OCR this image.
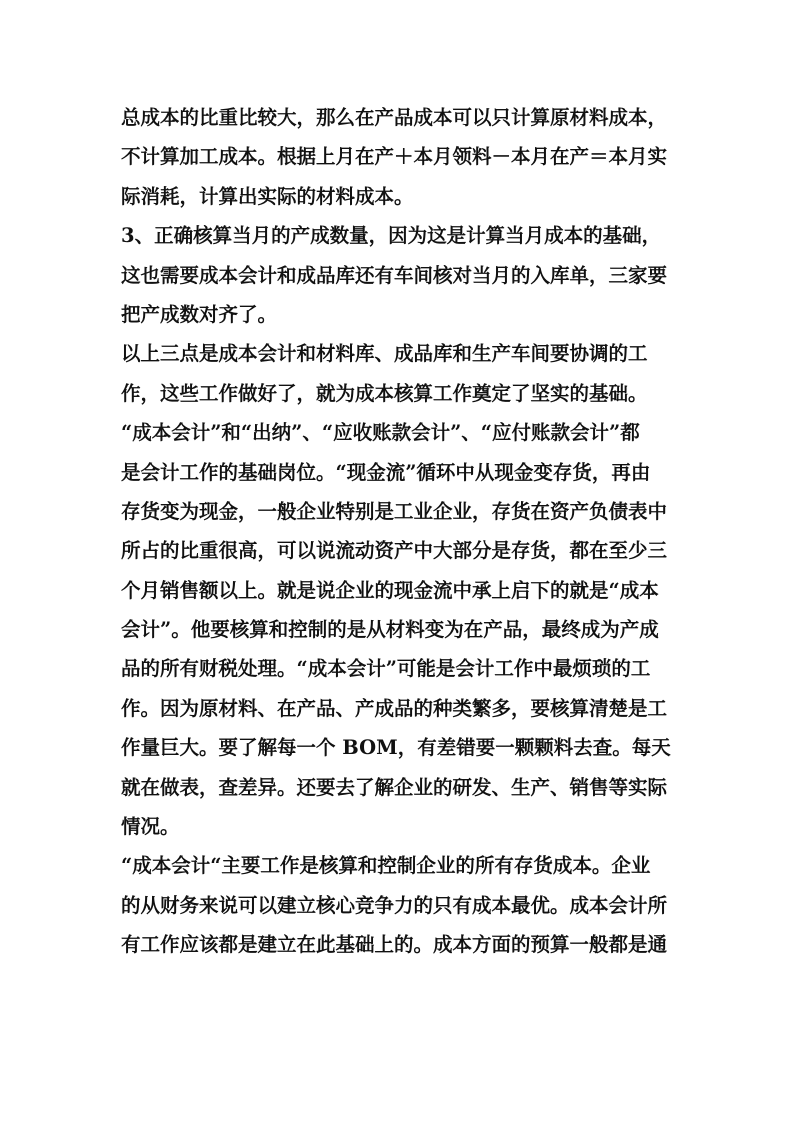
总成本的比重比较大，那么在产品成本可以只计算原材料成本，
不计算加工成本。根据上月在产＋本月领料－本月在产＝本月实
际消耗，计算出实际的材料成本。
3、正确核算当月的产成数量，因为这是计算当月成本的基础，
这也需要成本会计和成品库还有车间核对当月的入库单，三家要
把产成数对齐了。
以上三点是成本会计和材料库、成品库和生产车间要协调的工
作，这些工作做好了，就为成本核算工作奠定了坚实的基础。
“成本会计”和“出纳”、“应收账款会计”、“应付账款会计”都
是会计工作的基础岗位。“现金流”循环中从现金变存货，再由
存货变为现金，一般企业特别是工业企业，存货在资产负债表中
所占的比重很高，可以说流动资产中大部分是存货，都在至少三
个月销售额以上。就是说企业的现金流中承上启下的就是“成本
会计”。他要核算和控制的是从材料变为在产品，最终成为产成
品的所有财税处理。“成本会计”可能是会计工作中最烦琐的工
作。因为原材料、在产品、产成品的种类繁多，要核算清楚是工
作量巨大。要了解每一个 BOM，有差错要一颗颗料去查。每天
就在做表，查差异。还要去了解企业的研发、生产、销售等实际
情况。
“成本会计“主要工作是核算和控制企业的所有存货成本。企业
的从财务来说可以建立核心竞争力的只有成本最优。成本会计所
有工作应该都是建立在此基础上的。成本方面的预算一般都是通
